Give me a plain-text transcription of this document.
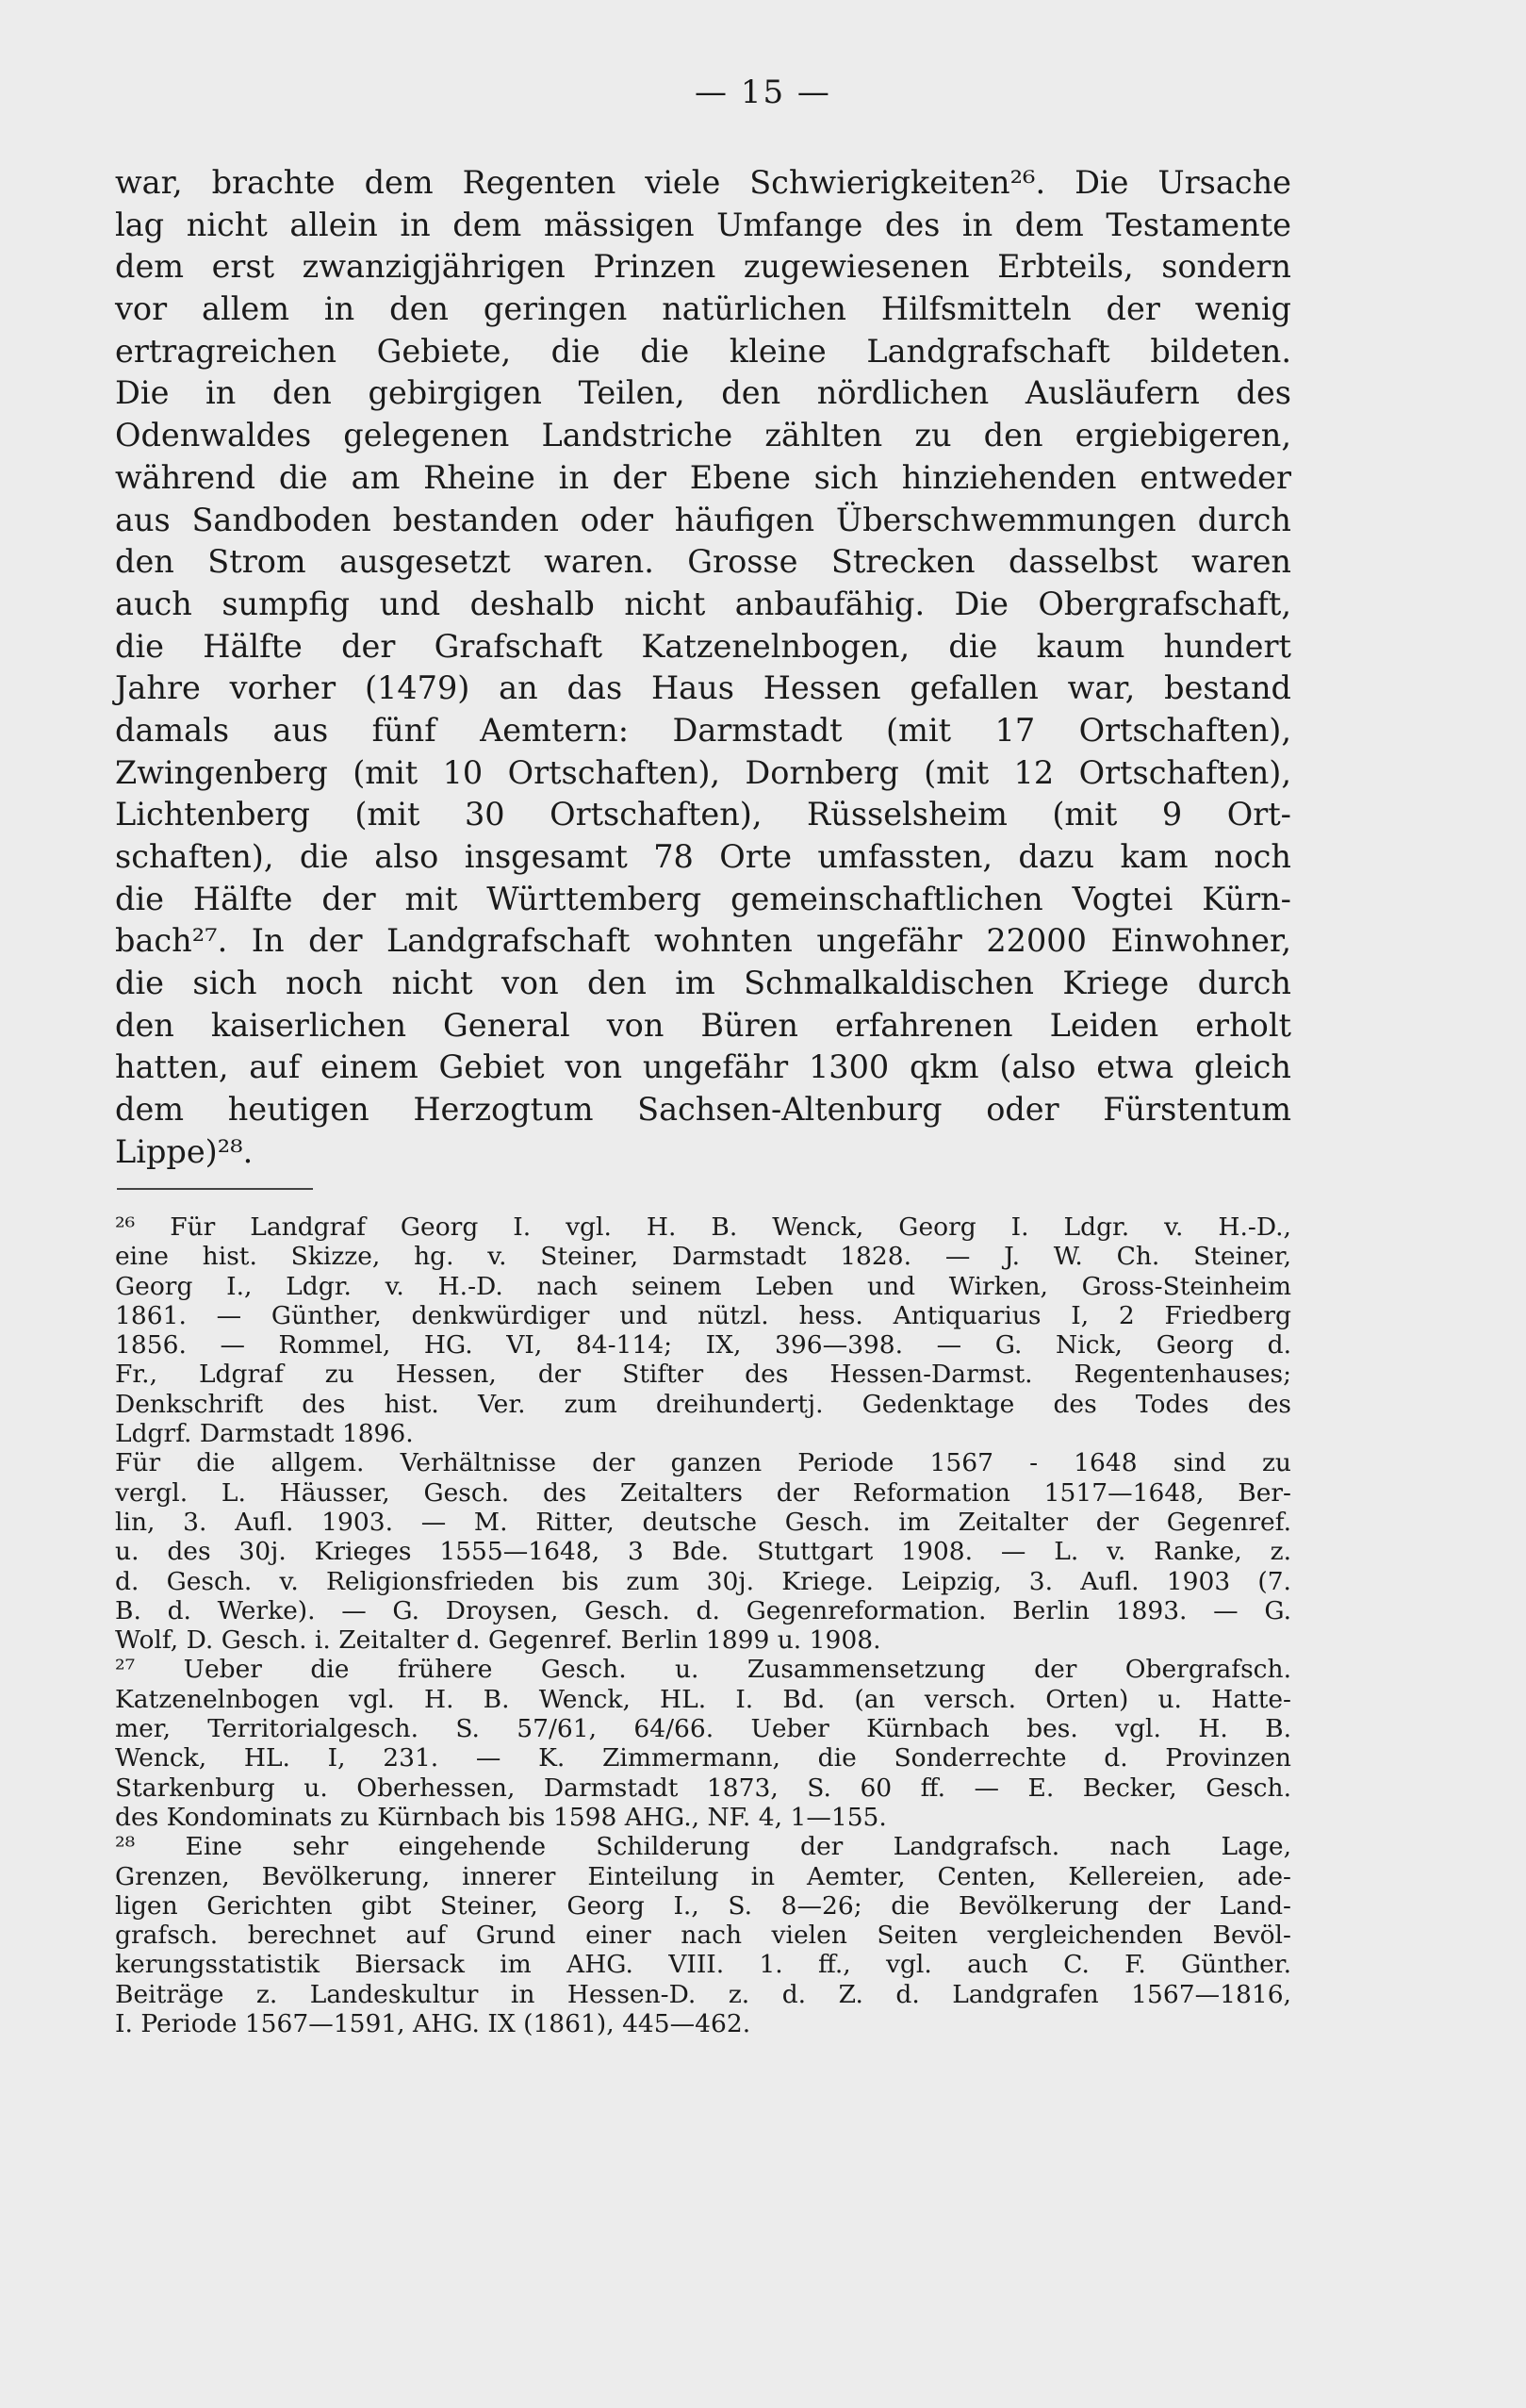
— 15 —
war, brachte dem Regenten viele Schwierigkeiten²⁶. Die Ursache
lag nicht allein in dem mässigen Umfange des in dem Testamente
dem erst zwanzigjährigen Prinzen zugewiesenen Erbteils, sondern
vor allem in den geringen natürlichen Hilfsmitteln der wenig
ertragreichen Gebiete, die die kleine Landgrafschaft bildeten.
Die in den gebirgigen Teilen, den nördlichen Ausläufern des
Odenwaldes gelegenen Landstriche zählten zu den ergiebigeren,
während die am Rheine in der Ebene sich hinziehenden entweder
aus Sandboden bestanden oder häufigen Überschwemmungen durch
den Strom ausgesetzt waren. Grosse Strecken dasselbst waren
auch sumpfig und deshalb nicht anbaufähig. Die Obergrafschaft,
die Hälfte der Grafschaft Katzenelnbogen, die kaum hundert
Jahre vorher (1479) an das Haus Hessen gefallen war, bestand
damals aus fünf Aemtern: Darmstadt (mit 17 Ortschaften),
Zwingenberg (mit 10 Ortschaften), Dornberg (mit 12 Ortschaften),
Lichtenberg (mit 30 Ortschaften), Rüsselsheim (mit 9 Ort-
schaften), die also insgesamt 78 Orte umfassten, dazu kam noch
die Hälfte der mit Württemberg gemeinschaftlichen Vogtei Kürn-
bach²⁷. In der Landgrafschaft wohnten ungefähr 22000 Einwohner,
die sich noch nicht von den im Schmalkaldischen Kriege durch
den kaiserlichen General von Büren erfahrenen Leiden erholt
hatten, auf einem Gebiet von ungefähr 1300 qkm (also etwa gleich
dem heutigen Herzogtum Sachsen-Altenburg oder Fürstentum
Lippe)²⁸.
²⁶ Für Landgraf Georg I. vgl. H. B. Wenck, Georg I. Ldgr. v. H.-D.,
eine hist. Skizze, hg. v. Steiner, Darmstadt 1828. — J. W. Ch. Steiner,
Georg I., Ldgr. v. H.-D. nach seinem Leben und Wirken, Gross-Steinheim
1861. — Günther, denkwürdiger und nützl. hess. Antiquarius I, 2 Friedberg
1856. — Rommel, HG. VI, 84-114; IX, 396—398. — G. Nick, Georg d.
Fr., Ldgraf zu Hessen, der Stifter des Hessen-Darmst. Regentenhauses;
Denkschrift des hist. Ver. zum dreihundertj. Gedenktage des Todes des
Ldgrf. Darmstadt 1896.
Für die allgem. Verhältnisse der ganzen Periode 1567 - 1648 sind zu
vergl. L. Häusser, Gesch. des Zeitalters der Reformation 1517—1648, Ber-
lin, 3. Aufl. 1903. — M. Ritter, deutsche Gesch. im Zeitalter der Gegenref.
u. des 30j. Krieges 1555—1648, 3 Bde. Stuttgart 1908. — L. v. Ranke, z.
d. Gesch. v. Religionsfrieden bis zum 30j. Kriege. Leipzig, 3. Aufl. 1903 (7.
B. d. Werke). — G. Droysen, Gesch. d. Gegenreformation. Berlin 1893. — G.
Wolf, D. Gesch. i. Zeitalter d. Gegenref. Berlin 1899 u. 1908.
²⁷ Ueber die frühere Gesch. u. Zusammensetzung der Obergrafsch.
Katzenelnbogen vgl. H. B. Wenck, HL. I. Bd. (an versch. Orten) u. Hatte-
mer, Territorialgesch. S. 57/61, 64/66. Ueber Kürnbach bes. vgl. H. B.
Wenck, HL. I, 231. — K. Zimmermann, die Sonderrechte d. Provinzen
Starkenburg u. Oberhessen, Darmstadt 1873, S. 60 ff. — E. Becker, Gesch.
des Kondominats zu Kürnbach bis 1598 AHG., NF. 4, 1—155.
²⁸ Eine sehr eingehende Schilderung der Landgrafsch. nach Lage,
Grenzen, Bevölkerung, innerer Einteilung in Aemter, Centen, Kellereien, ade-
ligen Gerichten gibt Steiner, Georg I., S. 8—26; die Bevölkerung der Land-
grafsch. berechnet auf Grund einer nach vielen Seiten vergleichenden Bevöl-
kerungsstatistik Biersack im AHG. VIII. 1. ff., vgl. auch C. F. Günther.
Beiträge z. Landeskultur in Hessen-D. z. d. Z. d. Landgrafen 1567—1816,
I. Periode 1567—1591, AHG. IX (1861), 445—462.
